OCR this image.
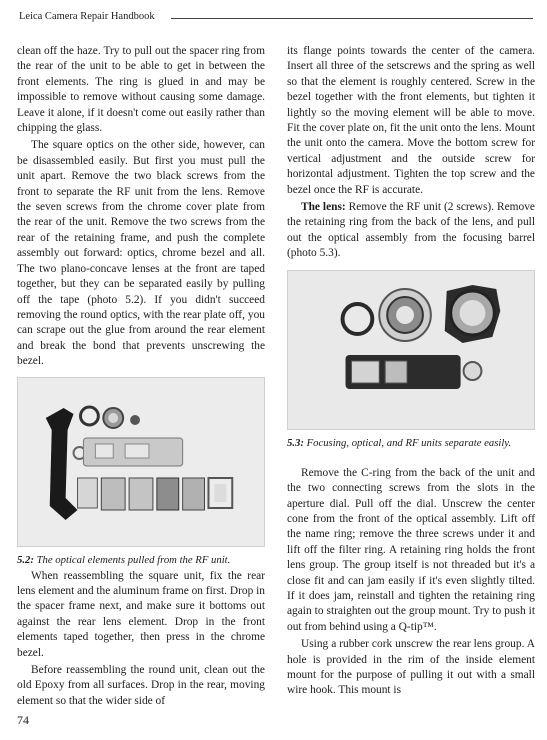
Leica Camera Repair Handbook

clean off the haze. Try to pull out the spacer ring from the rear of the unit to be able to get in between the front elements. The ring is glued in and may be impossible to remove without causing some damage. Leave it alone, if it doesn't come out easily rather than chipping the glass.

The square optics on the other side, however, can be disassembled easily. But first you must pull the unit apart. Remove the two black screws from the front to separate the RF unit from the lens. Remove the seven screws from the chrome cover plate from the rear of the unit. Remove the two screws from the rear of the retaining frame, and push the complete assembly out forward: optics, chrome bezel and all. The two plano-concave lenses at the front are taped together, but they can be separated easily by pulling off the tape (photo 5.2). If you didn't succeed removing the round optics, with the rear plate off, you can scrape out the glue from around the rear element and break the bond that prevents unscrewing the bezel.

5.2: The optical elements pulled from the RF unit.

When reassembling the square unit, fix the rear lens element and the aluminum frame on first. Drop in the spacer frame next, and make sure it bottoms out against the rear lens element. Drop in the front elements taped together, then press in the chrome bezel.

Before reassembling the round unit, clean out the old Epoxy from all surfaces. Drop in the rear, moving element so that the wider side of

its flange points towards the center of the camera. Insert all three of the setscrews and the spring as well so that the element is roughly centered. Screw in the bezel together with the front elements, but tighten it lightly so the moving element will be able to move. Fit the cover plate on, fit the unit onto the lens. Mount the unit onto the camera. Move the bottom screw for vertical adjustment and the outside screw for horizontal adjustment. Tighten the top screw and the bezel once the RF is accurate.

The lens: Remove the RF unit (2 screws). Remove the retaining ring from the back of the lens, and pull out the optical assembly from the focusing barrel (photo 5.3).

5.3: Focusing, optical, and RF units separate easily.

Remove the C-ring from the back of the unit and the two connecting screws from the slots in the aperture dial. Pull off the dial. Unscrew the center cone from the front of the optical assembly. Lift off the name ring; remove the three screws under it and lift off the filter ring. A retaining ring holds the front lens group. The group itself is not threaded but it's a close fit and can jam easily if it's even slightly tilted. If it does jam, reinstall and tighten the retaining ring again to straighten out the group mount. Try to push it out from behind using a Q-tip™.

Using a rubber cork unscrew the rear lens group. A hole is provided in the rim of the inside element mount for the purpose of pulling it out with a small wire hook. This mount is

74
